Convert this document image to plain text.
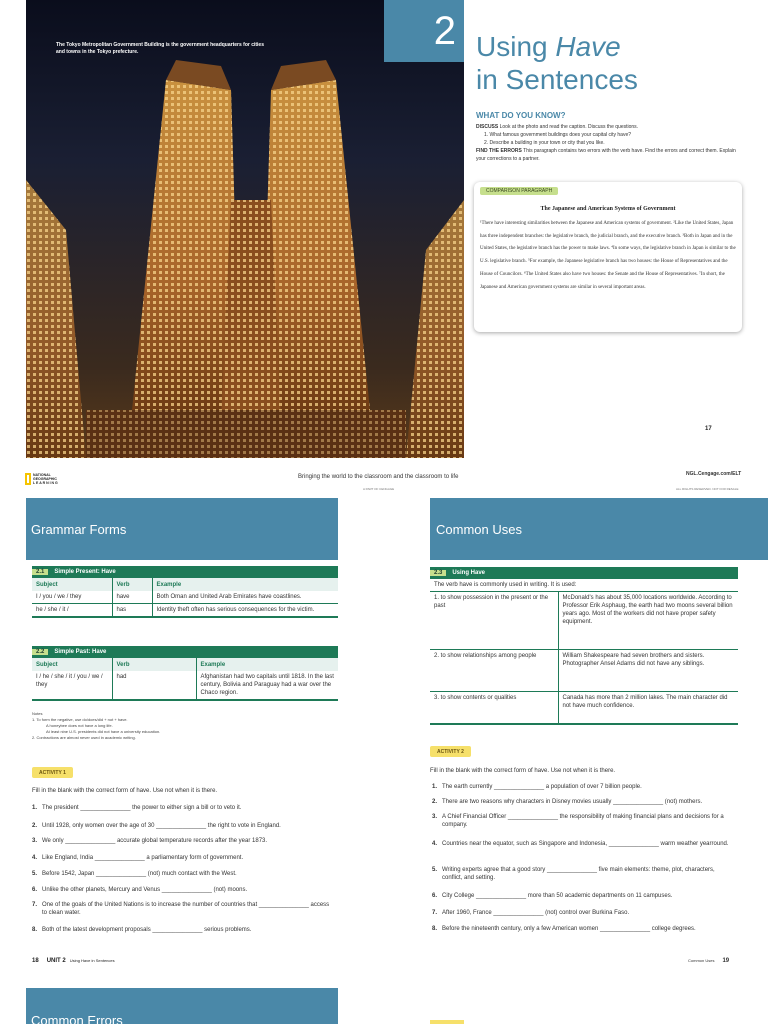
The Tokyo Metropolitan Government Building is the government headquarters for cities and towns in the Tokyo prefecture.	2 Using Have
in Sentences
WHAT DO YOU KNOW?
DISCUSS Look at the photo and read the caption. Discuss the questions.
1. What famous government buildings does your capital city have?
2. Describe a building in your town or city that you like.
FIND THE ERRORS This paragraph contains two errors with the verb have. Find the errors and correct them. Explain your corrections to a partner.
COMPARISON PARAGRAPH
The Japanese and American Systems of Government
¹There have interesting similarities between the Japanese and American systems of government. ²Like the United States, Japan has three independent branches: the legislative branch, the judicial branch, and the executive branch. ³Both in Japan and in the United States, the legislative branch has the power to make laws. ⁴In some ways, the legislative branch in Japan is similar to the U.S. legislative branch. ⁵For example, the Japanese legislative branch has two houses: the House of Representatives and the House of Councilors. ⁶The United States also have two houses: the Senate and the House of Representatives. ⁷In short, the Japanese and American government systems are similar in several important areas.
17
NATIONAL
GEOGRAPHIC
L E A R N I N G
Bringing the world to the classroom and the classroom to life
A PART OF CENGAGE
NGL.Cengage.com/ELT
ALL RIGHTS RESERVED. NOT FOR RESALE
Grammar Forms
2.1 Simple Present: Have		
Subject	Verb	Example
I / you / we / they	have	Both Oman and United Arab Emirates have coastlines.
he / she / it /	has	Identity theft often has serious consequences for the victim.
2.2 Simple Past: Have		
Subject	Verb	Example
I / he / she / it / you / we / they	had	Afghanistan had two capitals until 1818. In the last century, Bolivia and Paraguay had a war over the Chaco region.
Notes
1. To form the negative, use do/does/did + not + have.
A honeybee does not have a long life.
At least nine U.S. presidents did not have a university education.
2. Contractions are almost never used in academic writing.
ACTIVITY 1
Fill in the blank with the correct form of have. Use not when it is there.
1. The president _______________ the power to either sign a bill or to veto it.
2. Until 1928, only women over the age of 30 _______________ the right to vote in England.
3. We only _______________ accurate global temperature records after the year 1873.
4. Like England, India _______________ a parliamentary form of government.
5. Before 1542, Japan _______________ (not) much contact with the West.
6. Unlike the other planets, Mercury and Venus _______________ (not) moons.
7. One of the goals of the United Nations is to increase the number of countries that _______________ access to clean water.
8. Both of the latest development proposals _______________ serious problems.
18 UNIT 2 Using Have in Sentences
Common Uses
2.3 Using Have	
The verb have is commonly used in writing. It is used:	
1. to show possession in the present or the past	McDonald's has about 35,000 locations worldwide. According to Professor Erik Asphaug, the earth had two moons several billion years ago. Most of the workers did not have proper safety equipment.
2. to show relationships among people	William Shakespeare had seven brothers and sisters. Photographer Ansel Adams did not have any siblings.
3. to show contents or qualities	Canada has more than 2 million lakes. The main character did not have much confidence.
ACTIVITY 2
Fill in the blank with the correct form of have. Use not when it is there.
1. The earth currently _______________ a population of over 7 billion people.
2. There are two reasons why characters in Disney movies usually _______________ (not) mothers.
3. A Chief Financial Officer _______________ the responsibility of making financial plans and decisions for a company.
4. Countries near the equator, such as Singapore and Indonesia, _______________ warm weather yearround.
5. Writing experts agree that a good story _______________ five main elements: theme, plot, characters, conflict, and setting.
6. City College _______________ more than 50 academic departments on 11 campuses.
7. After 1960, France _______________ (not) control over Burkina Faso.
8. Before the nineteenth century, only a few American women _______________ college degrees.
Common Uses 19
Common Errors
